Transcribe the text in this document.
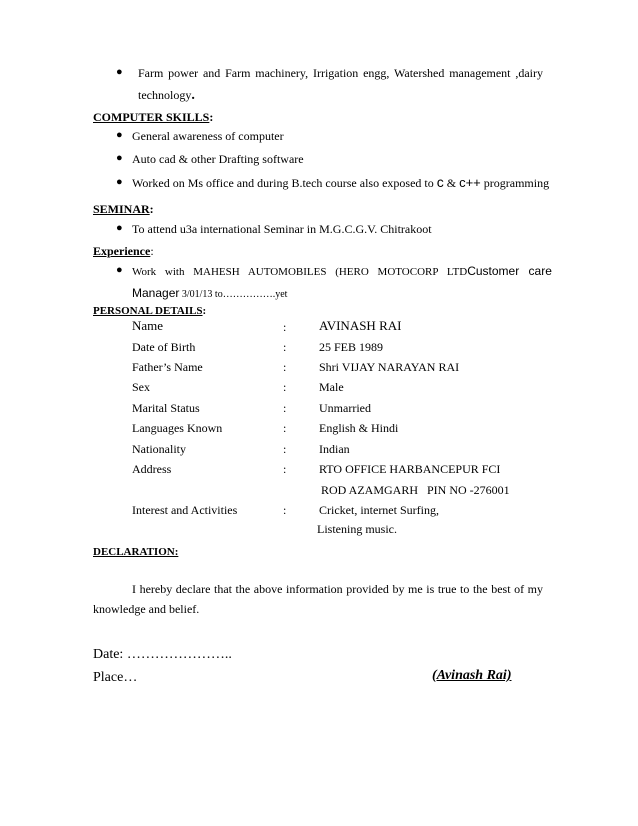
● Farm power and Farm machinery, Irrigation engg, Watershed management ,dairy
technology.
COMPUTER SKILLS:
● General awareness of computer
● Auto cad & other Drafting software
● Worked on Ms office and during B.tech course also exposed to c & c++ programming
SEMINAR:
● To attend u3a international Seminar in M.G.C.G.V. Chitrakoot
Experience:
● Work with MAHESH AUTOMOBILES (HERO MOTOCORP LTD Customer care
Manager 3/01/13 to…………….yet
PERSONAL DETAILS:
Name	:	AVINASH RAI
Date of Birth	:	25 FEB 1989
Father’s Name	:	Shri VIJAY NARAYAN RAI
Sex	:	Male
Marital Status	:	Unmarried
Languages Known	:	English & Hindi
Nationality	:	Indian
Address	:	RTO OFFICE HARBANCEPUR FCI
ROD AZAMGARH   PIN NO -276001
Interest and Activities	:	Cricket, internet Surfing,
Listening music.
DECLARATION:
I hereby declare that the above information provided by me is true to the best of my
knowledge and belief.
Date: …………………..
Place…	(Avinash Rai)
